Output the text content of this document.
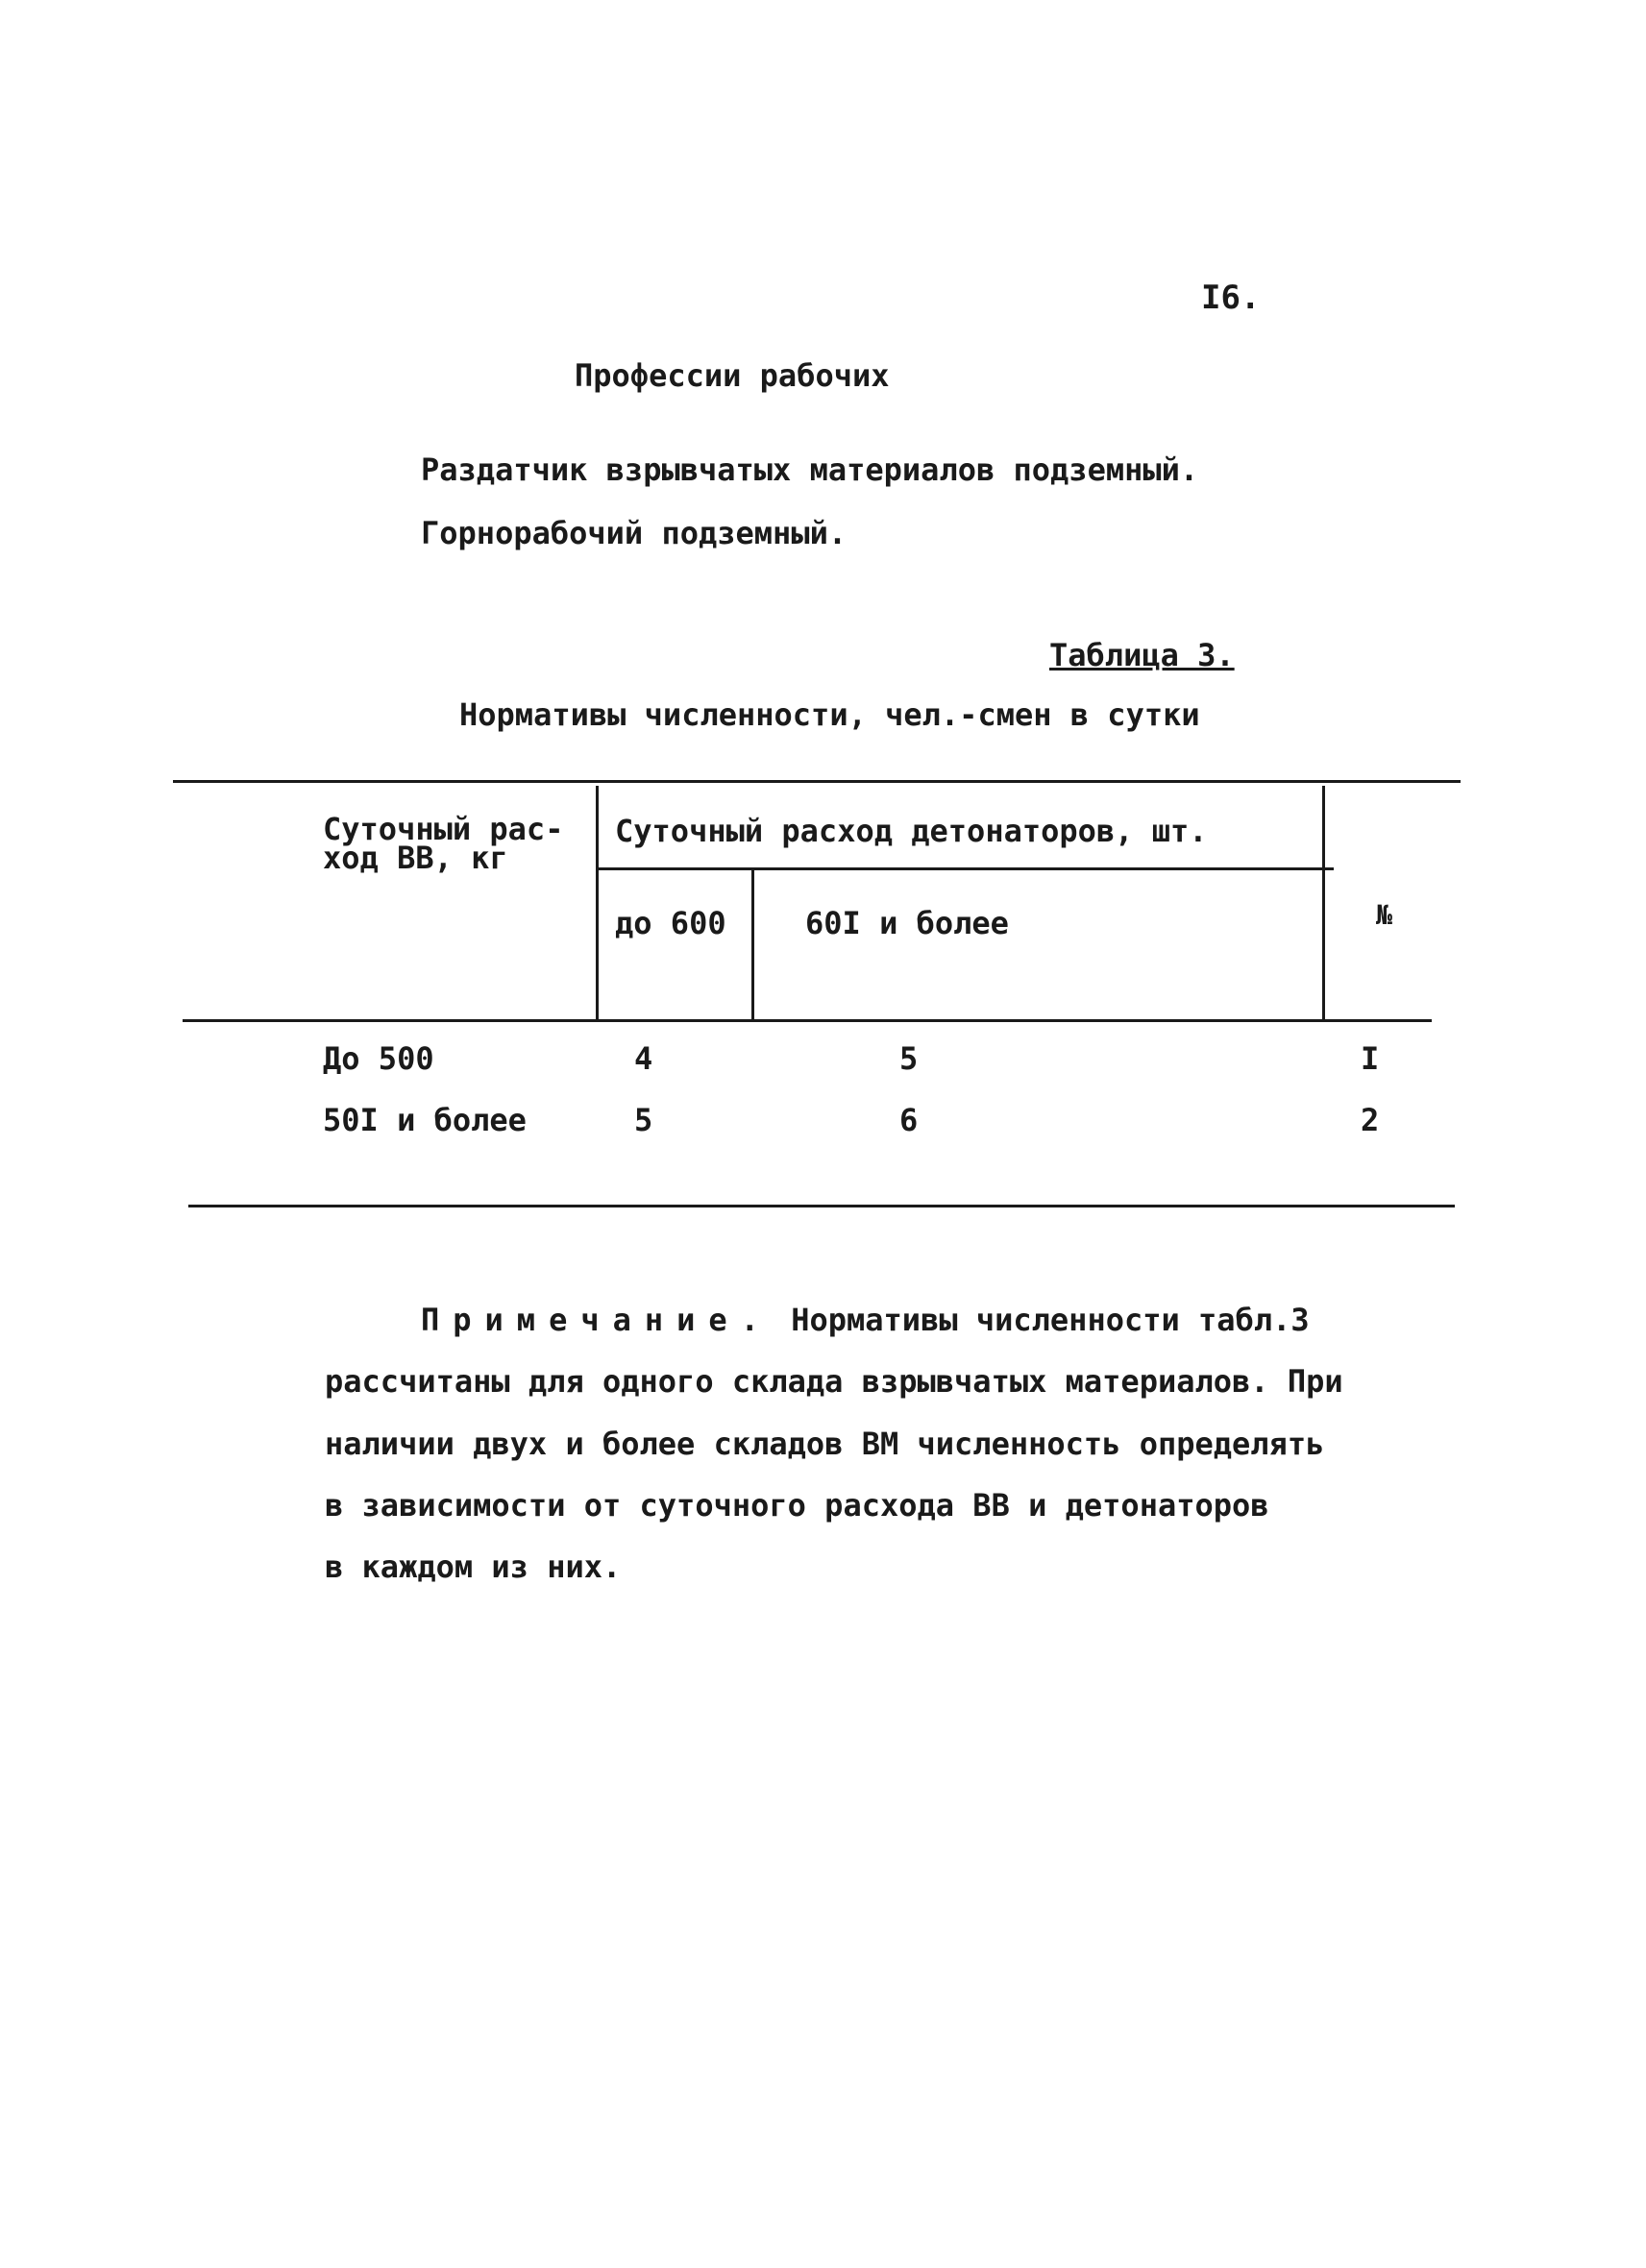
I6.
Профессии рабочих
Раздатчик взрывчатых материалов подземный.
Горнорабочий подземный.
Таблица 3.
Нормативы численности, чел.-смен в сутки
Суточный рас- ход ВВ, кг
Суточный расход детонаторов, шт.
до 600	60I и более	№
До 500	4	5	I
50I и более	5	6	2
Примечание. Нормативы численности табл.3
рассчитаны для одного склада взрывчатых материалов. При
наличии двух и более складов ВМ численность определять
в зависимости от суточного расхода ВВ и детонаторов
в каждом из них.
